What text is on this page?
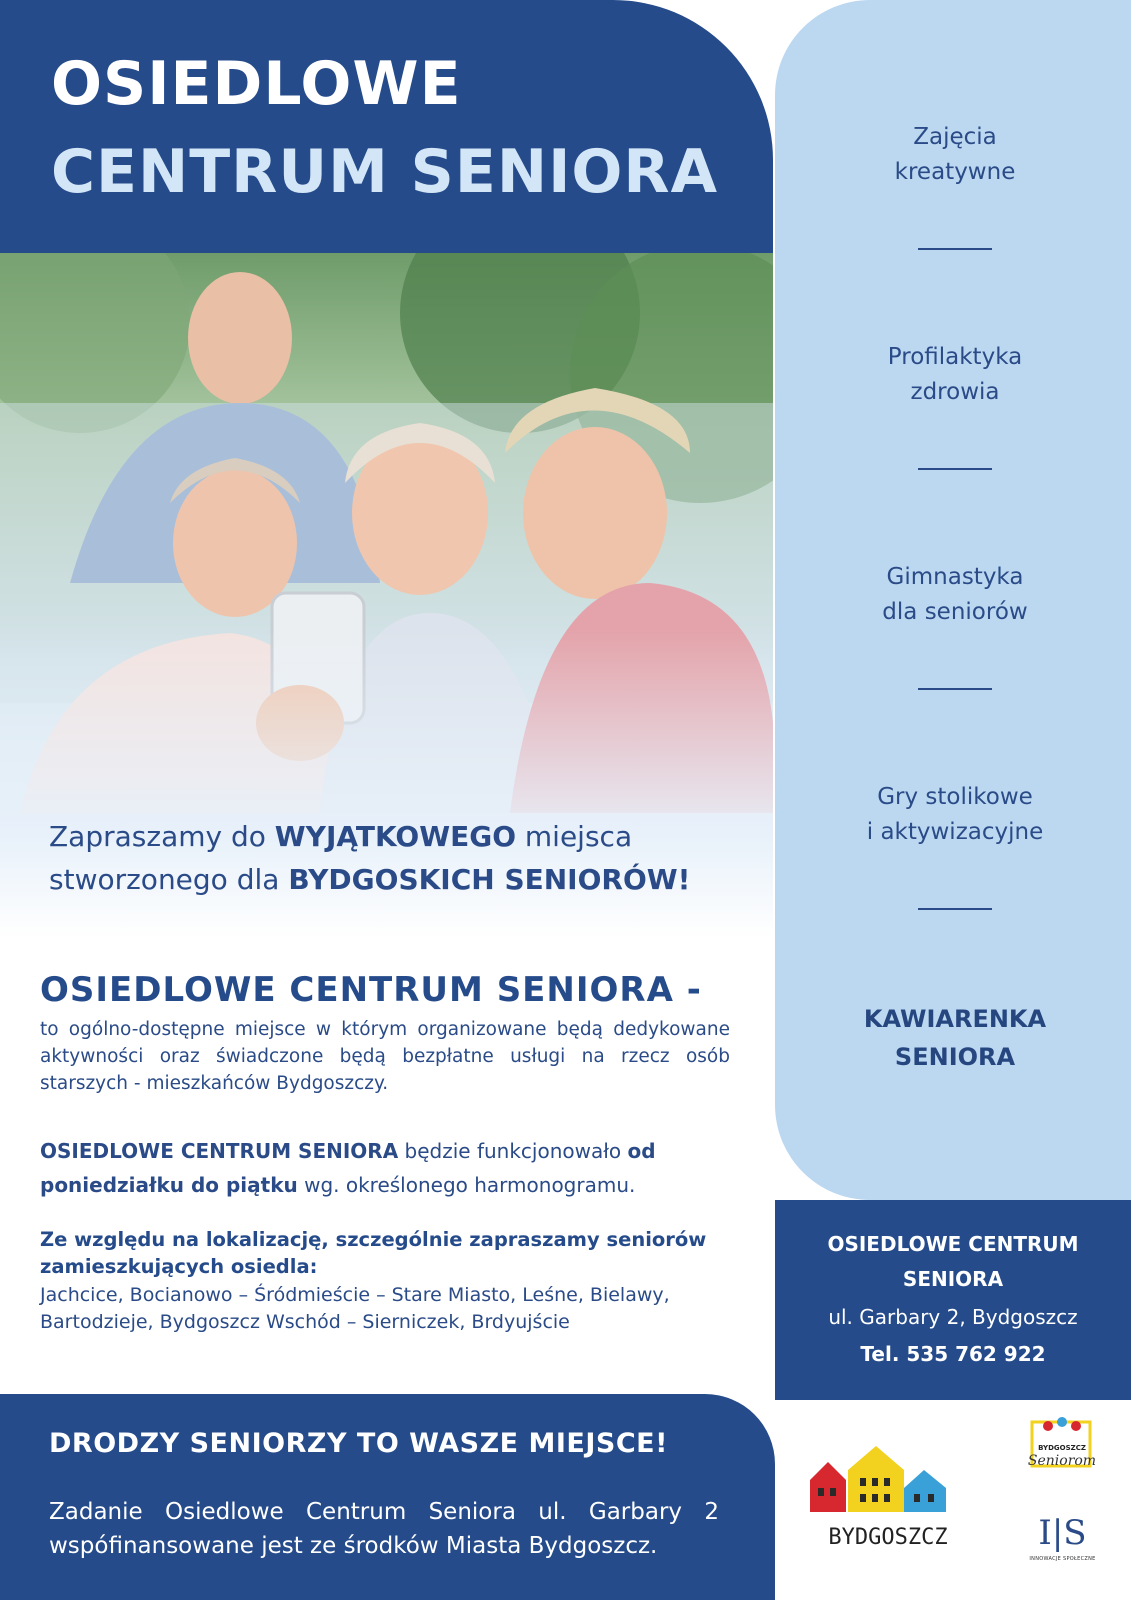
Zajęcia
kreatywne
Profilaktyka
zdrowia
Gimnastyka
dla seniorów
Gry stolikowe
i aktywizacyjne
KAWIARENKA
SENIORA
OSIEDLOWE
CENTRUM SENIORA
Zapraszamy do WYJĄTKOWEGO miejsca
stworzonego dla BYDGOSKICH SENIORÓW!
OSIEDLOWE CENTRUM SENIORA -
to ogólno-dostępne miejsce w którym organizowane będą dedykowane aktywności oraz świadczone będą bezpłatne usługi na rzecz osób starszych - mieszkańców Bydgoszczy.
OSIEDLOWE CENTRUM SENIORA będzie funkcjonowało od poniedziałku do piątku wg. określonego harmonogramu.
Ze względu na lokalizację, szczególnie zapraszamy seniorów zamieszkujących osiedla:
Jachcice, Bocianowo – Śródmieście – Stare Miasto, Leśne, Bielawy, Bartodzieje, Bydgoszcz Wschód – Sierniczek, Brdyujście
OSIEDLOWE CENTRUM
SENIORA
ul. Garbary 2, Bydgoszcz
Tel. 535 762 922
DRODZY SENIORZY TO WASZE MIEJSCE!
Zadanie Osiedlowe Centrum Seniora ul. Garbary 2 wspófinansowane jest ze środków Miasta Bydgoszcz.	BYDGOSZCZ
BYDGOSZCZ
Seniorom
I|S
INNOWACJE SPOŁECZNE
